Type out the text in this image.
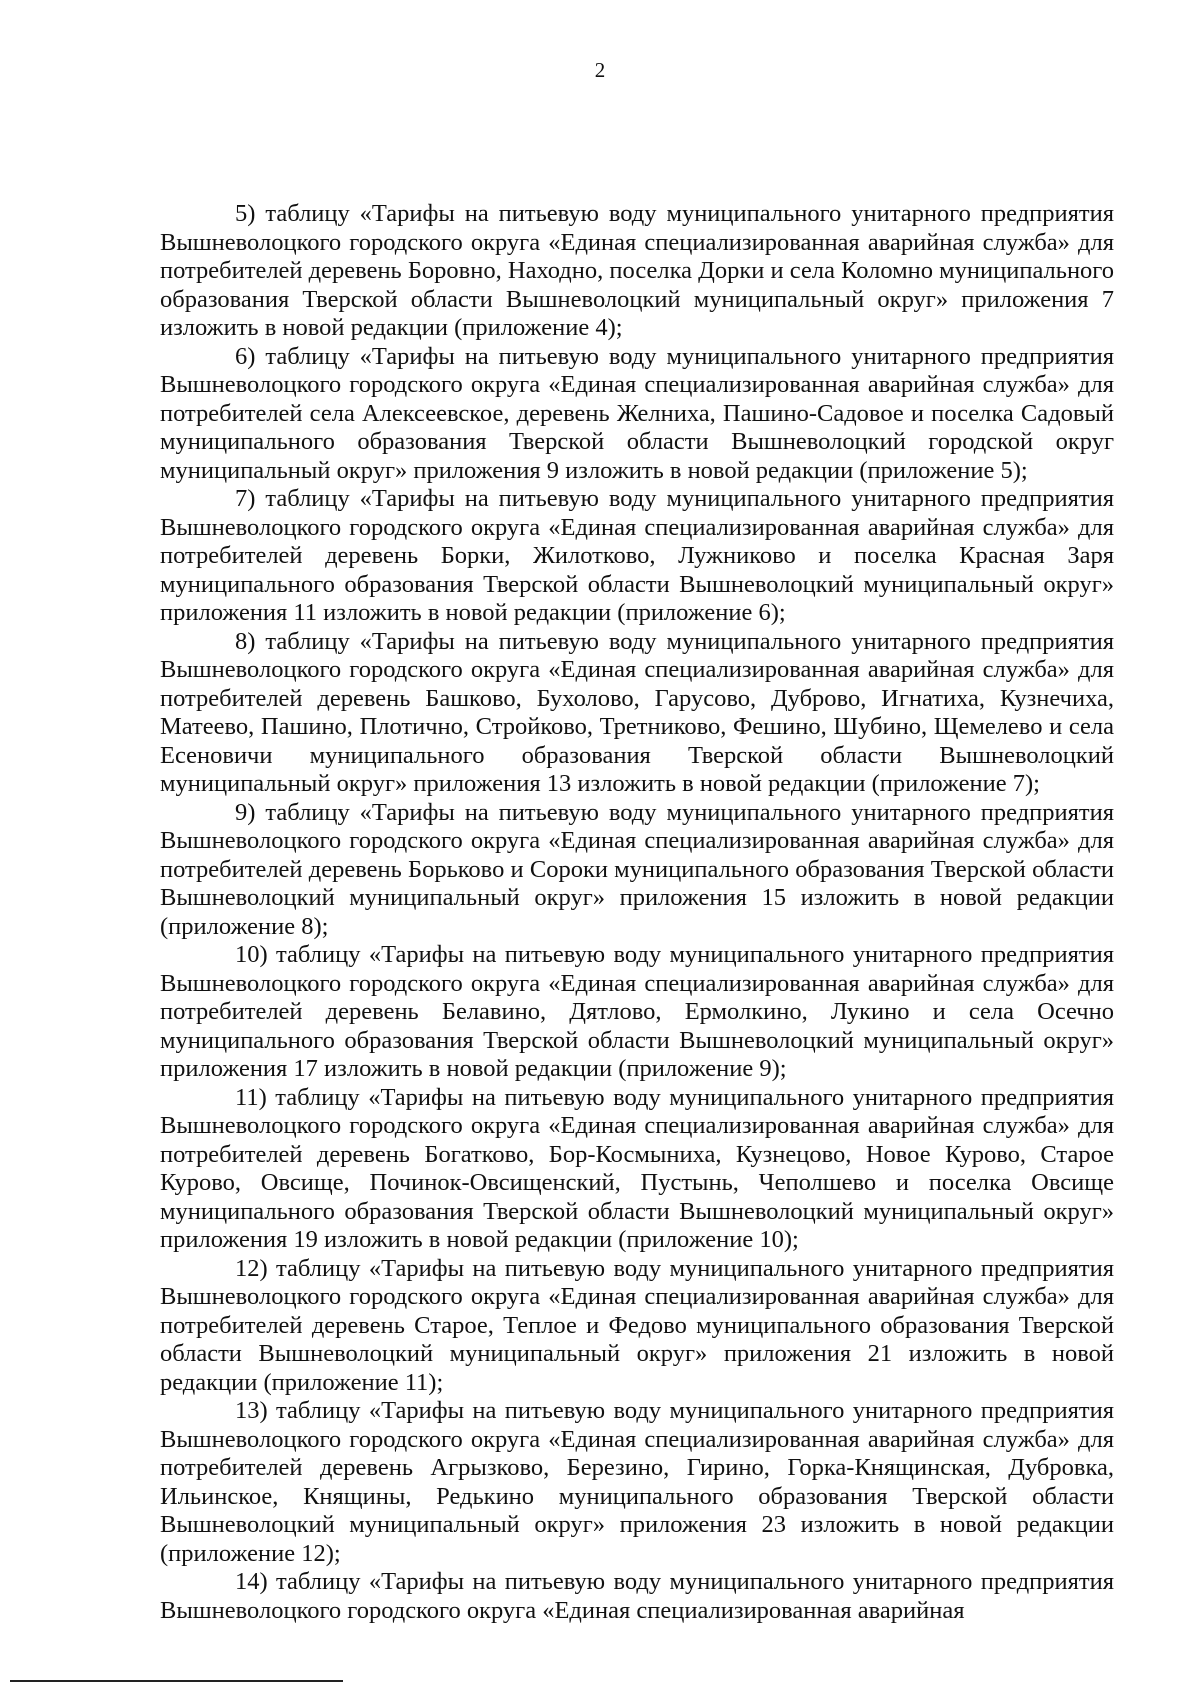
2

5) таблицу «Тарифы на питьевую воду муниципального унитарного предприятия Вышневолоцкого городского округа «Единая специализированная аварийная служба» для потребителей деревень Боровно, Находно, поселка Дорки и села Коломно муниципального образования Тверской области Вышневолоцкий муниципальный округ» приложения 7 изложить в новой редакции (приложение 4);

6) таблицу «Тарифы на питьевую воду муниципального унитарного предприятия Вышневолоцкого городского округа «Единая специализированная аварийная служба» для потребителей села Алексеевское, деревень Желниха, Пашино-Садовое и поселка Садовый муниципального образования Тверской области Вышневолоцкий городской округ муниципальный округ» приложения 9 изложить в новой редакции (приложение 5);

7) таблицу «Тарифы на питьевую воду муниципального унитарного предприятия Вышневолоцкого городского округа «Единая специализированная аварийная служба» для потребителей деревень Борки, Жилотково, Лужниково и поселка Красная Заря муниципального образования Тверской области Вышневолоцкий муниципальный округ» приложения 11 изложить в новой редакции (приложение 6);

8) таблицу «Тарифы на питьевую воду муниципального унитарного предприятия Вышневолоцкого городского округа «Единая специализированная аварийная служба» для потребителей деревень Башково, Бухолово, Гарусово, Дуброво, Игнатиха, Кузнечиха, Матеево, Пашино, Плотично, Стройково, Третниково, Фешино, Шубино, Щемелево и села Есеновичи муниципального образования Тверской области Вышневолоцкий муниципальный округ» приложения 13 изложить в новой редакции (приложение 7);

9) таблицу «Тарифы на питьевую воду муниципального унитарного предприятия Вышневолоцкого городского округа «Единая специализированная аварийная служба» для потребителей деревень Борьково и Сороки муниципального образования Тверской области Вышневолоцкий муниципальный округ» приложения 15 изложить в новой редакции (приложение 8);

10) таблицу «Тарифы на питьевую воду муниципального унитарного предприятия Вышневолоцкого городского округа «Единая специализированная аварийная служба» для потребителей деревень Белавино, Дятлово, Ермолкино, Лукино и села Осечно муниципального образования Тверской области Вышневолоцкий муниципальный округ» приложения 17 изложить в новой редакции (приложение 9);

11) таблицу «Тарифы на питьевую воду муниципального унитарного предприятия Вышневолоцкого городского округа «Единая специализированная аварийная служба» для потребителей деревень Богатково, Бор-Космыниха, Кузнецово, Новое Курово, Старое Курово, Овсище, Починок-Овсищенский, Пустынь, Чеполшево и поселка Овсище муниципального образования Тверской области Вышневолоцкий муниципальный округ» приложения 19 изложить в новой редакции (приложение 10);

12) таблицу «Тарифы на питьевую воду муниципального унитарного предприятия Вышневолоцкого городского округа «Единая специализированная аварийная служба» для потребителей деревень Старое, Теплое и Федово муниципального образования Тверской области Вышневолоцкий муниципальный округ» приложения 21 изложить в новой редакции (приложение 11);

13) таблицу «Тарифы на питьевую воду муниципального унитарного предприятия Вышневолоцкого городского округа «Единая специализированная аварийная служба» для потребителей деревень Агрызково, Березино, Гирино, Горка-Княщинская, Дубровка, Ильинское, Княщины, Редькино муниципального образования Тверской области Вышневолоцкий муниципальный округ» приложения 23 изложить в новой редакции (приложение 12);

14) таблицу «Тарифы на питьевую воду муниципального унитарного предприятия Вышневолоцкого городского округа «Единая специализированная аварийная
